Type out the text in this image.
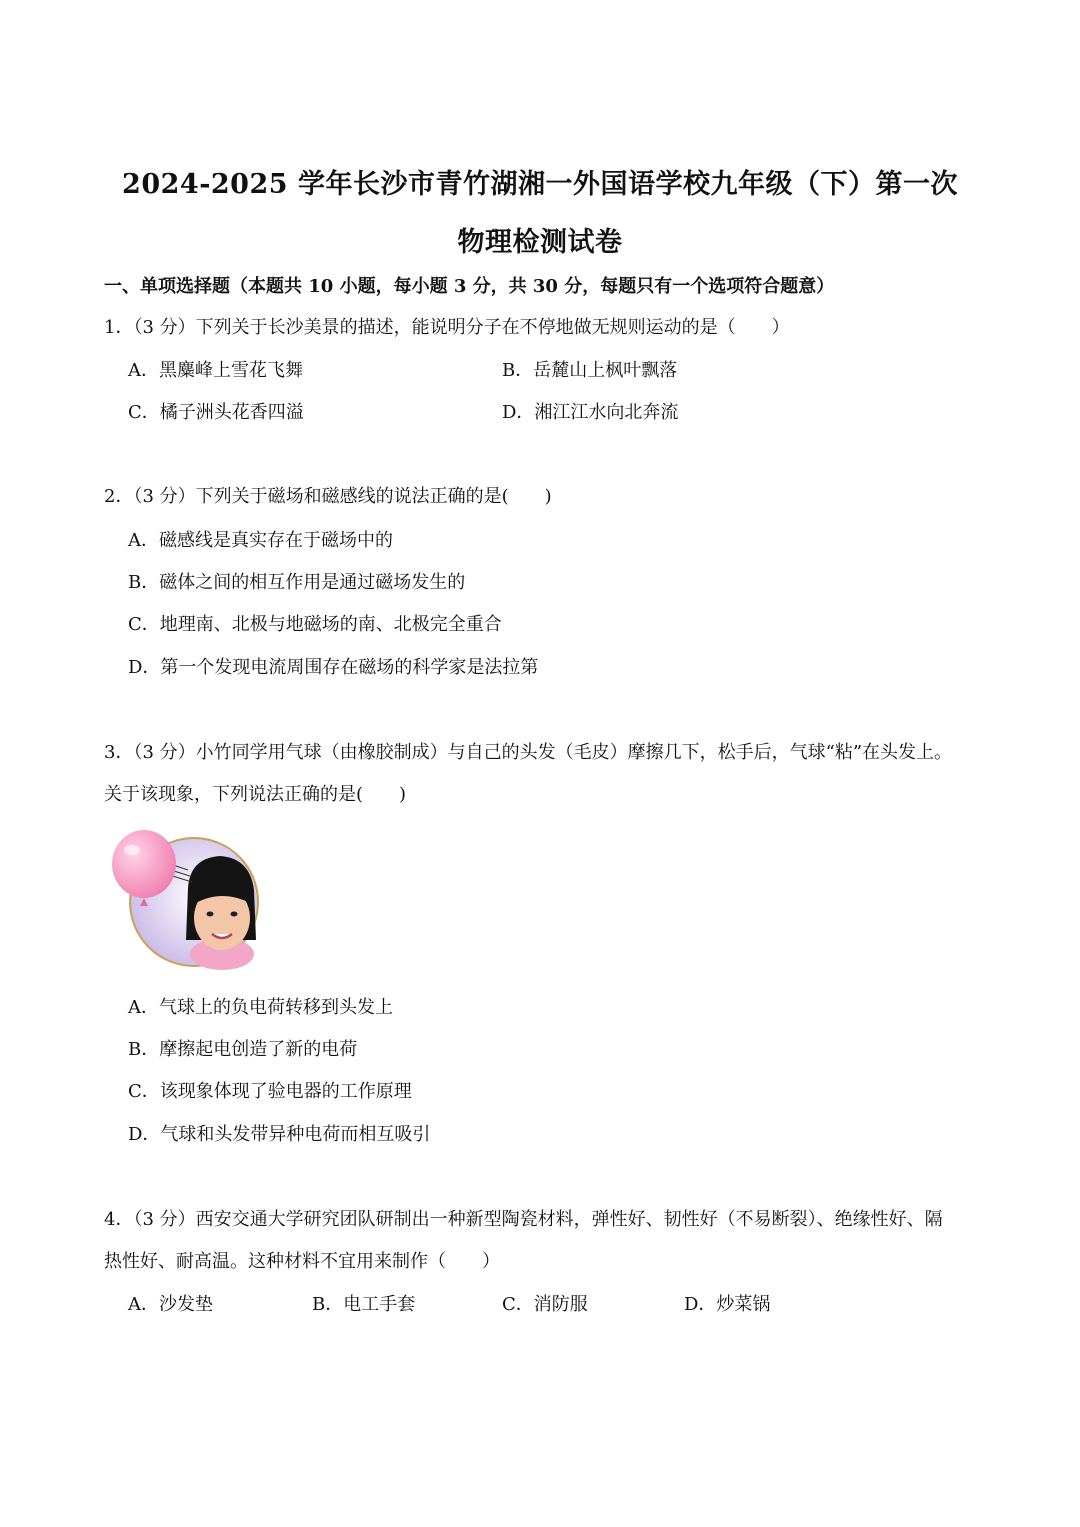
2024-2025 学年长沙市青竹湖湘一外国语学校九年级（下）第一次
物理检测试卷
一、单项选择题（本题共 10 小题，每小题 3 分，共 30 分，每题只有一个选项符合题意）
1．（3 分）下列关于长沙美景的描述，能说明分子在不停地做无规则运动的是（　　）
A．黑麋峰上雪花飞舞	B．岳麓山上枫叶飘落
C．橘子洲头花香四溢	D．湘江江水向北奔流
2．（3 分）下列关于磁场和磁感线的说法正确的是(　　)
A．磁感线是真实存在于磁场中的
B．磁体之间的相互作用是通过磁场发生的
C．地理南、北极与地磁场的南、北极完全重合
D．第一个发现电流周围存在磁场的科学家是法拉第
3．（3 分）小竹同学用气球（由橡胶制成）与自己的头发（毛皮）摩擦几下，松手后，气球“粘”在头发上。
关于该现象，下列说法正确的是(　　)
A．气球上的负电荷转移到头发上
B．摩擦起电创造了新的电荷
C．该现象体现了验电器的工作原理
D．气球和头发带异种电荷而相互吸引
4．（3 分）西安交通大学研究团队研制出一种新型陶瓷材料，弹性好、韧性好（不易断裂）、绝缘性好、隔
热性好、耐高温。这种材料不宜用来制作（　　）
A．沙发垫	B．电工手套	C．消防服	D．炒菜锅
